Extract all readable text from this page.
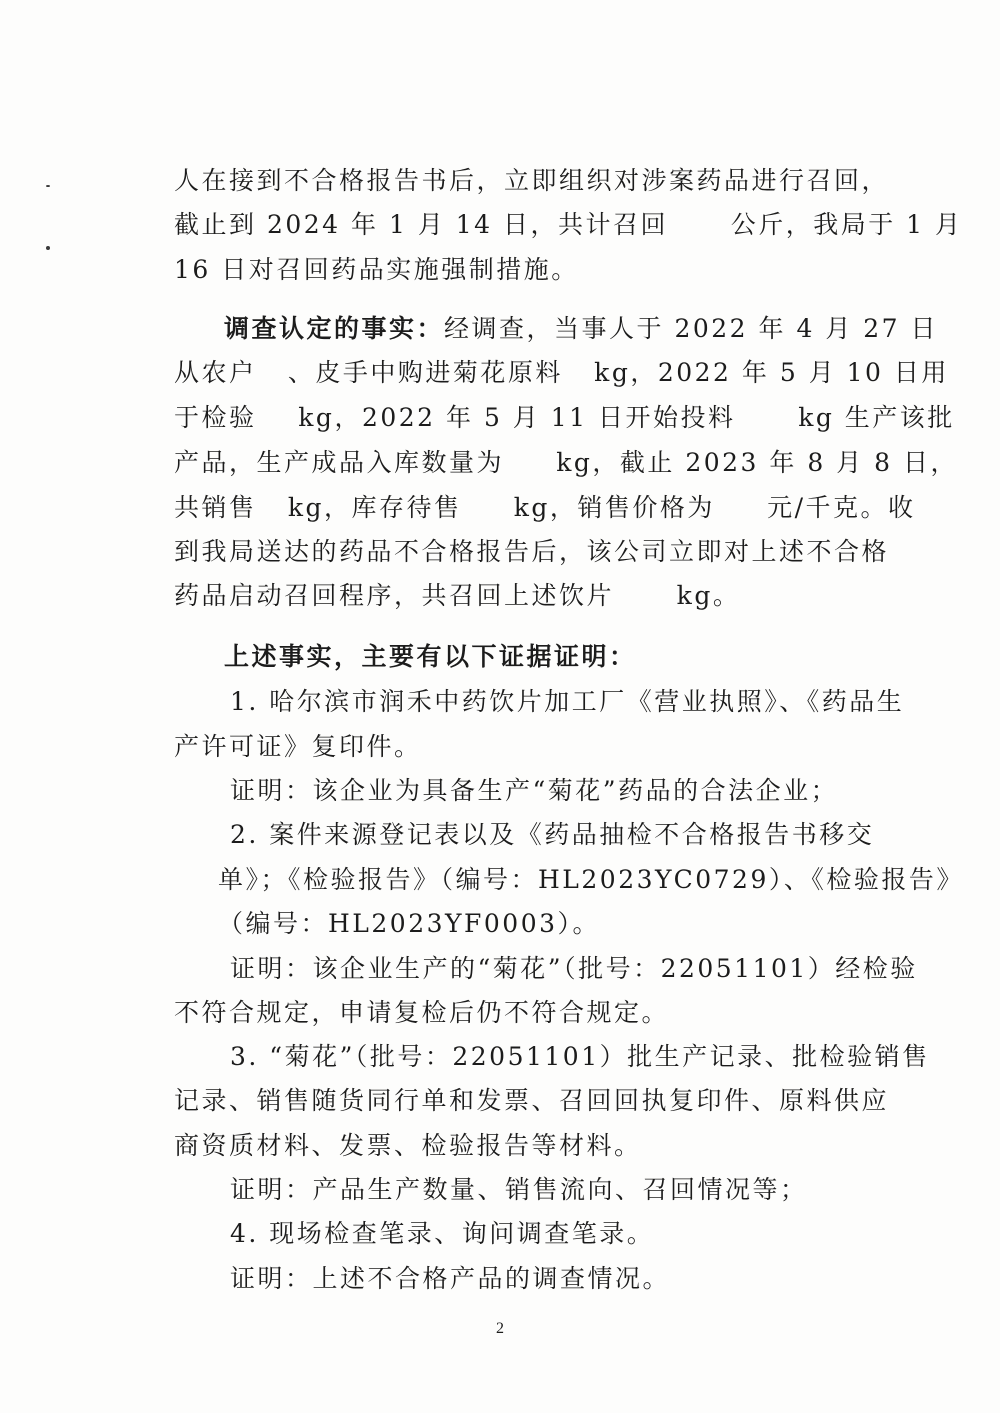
人在接到不合格报告书后，立即组织对涉案药品进行召回，
截止到 2024 年 1 月 14 日，共计召回      公斤，我局于 1 月
16 日对召回药品实施强制措施。
调查认定的事实：经调查，当事人于 2022 年 4 月 27 日
从农户   、皮手中购进菊花原料   kg，2022 年 5 月 10 日用
于检验    kg，2022 年 5 月 11 日开始投料      kg 生产该批
产品，生产成品入库数量为     kg，截止 2023 年 8 月 8 日，
共销售   kg，库存待售     kg，销售价格为     元/千克。收
到我局送达的药品不合格报告后，该公司立即对上述不合格
药品启动召回程序，共召回上述饮片      kg。
上述事实，主要有以下证据证明：
1. 哈尔滨市润禾中药饮片加工厂《营业执照》、《药品生
产许可证》复印件。
证明：该企业为具备生产“菊花”药品的合法企业；
2. 案件来源登记表以及《药品抽检不合格报告书移交
单》；《检验报告》（编号：HL2023YC0729）、《检验报告》
（编号：HL2023YF0003）。
证明：该企业生产的“菊花”（批号：22051101）经检验
不符合规定，申请复检后仍不符合规定。
3. “菊花”（批号：22051101）批生产记录、批检验销售
记录、销售随货同行单和发票、召回回执复印件、原料供应
商资质材料、发票、检验报告等材料。
证明：产品生产数量、销售流向、召回情况等；
4. 现场检查笔录、询问调查笔录。
证明：上述不合格产品的调查情况。
2
